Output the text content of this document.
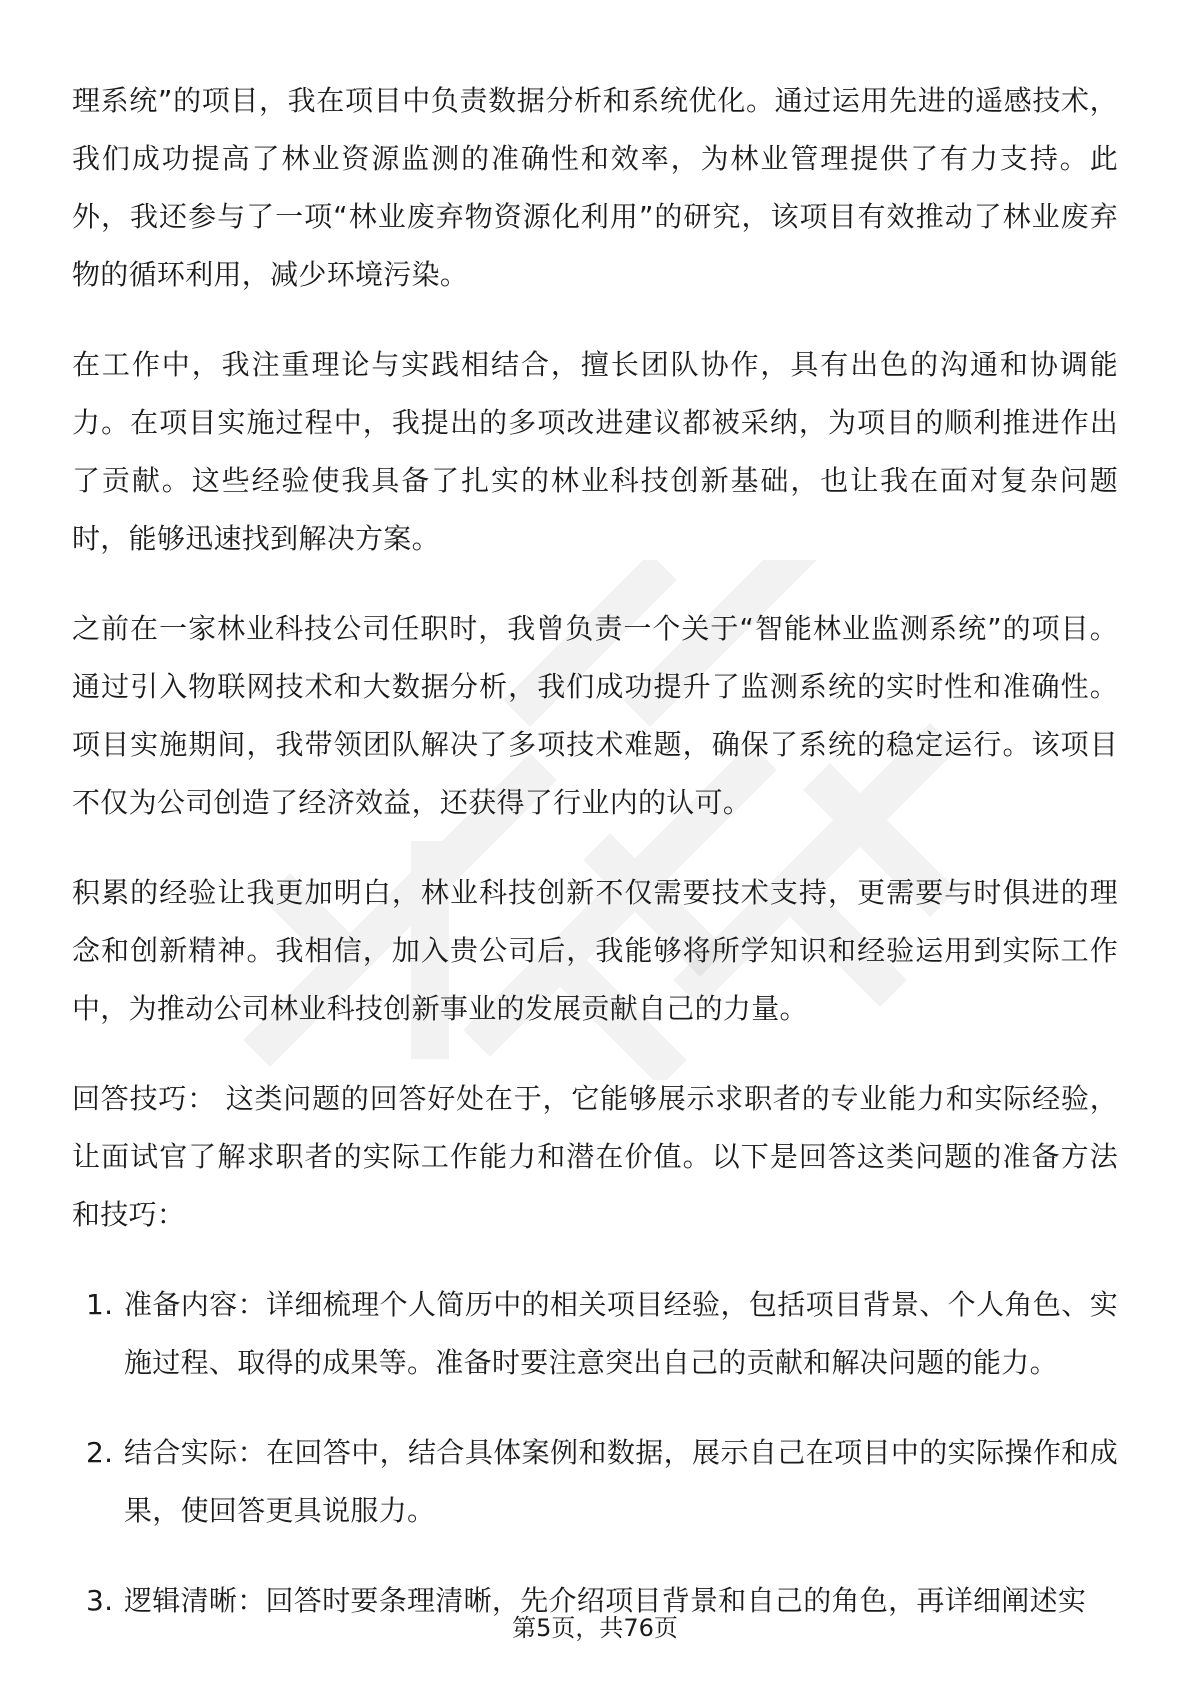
理系统”的项目，我在项目中负责数据分析和系统优化。通过运用先进的遥感技术，我们成功提高了林业资源监测的准确性和效率，为林业管理提供了有力支持。此外，我还参与了一项“林业废弃物资源化利用”的研究，该项目有效推动了林业废弃物的循环利用，减少环境污染。

在工作中，我注重理论与实践相结合，擅长团队协作，具有出色的沟通和协调能力。在项目实施过程中，我提出的多项改进建议都被采纳，为项目的顺利推进作出了贡献。这些经验使我具备了扎实的林业科技创新基础，也让我在面对复杂问题时，能够迅速找到解决方案。

之前在一家林业科技公司任职时，我曾负责一个关于“智能林业监测系统”的项目。通过引入物联网技术和大数据分析，我们成功提升了监测系统的实时性和准确性。项目实施期间，我带领团队解决了多项技术难题，确保了系统的稳定运行。该项目不仅为公司创造了经济效益，还获得了行业内的认可。

积累的经验让我更加明白，林业科技创新不仅需要技术支持，更需要与时俱进的理念和创新精神。我相信，加入贵公司后，我能够将所学知识和经验运用到实际工作中，为推动公司林业科技创新事业的发展贡献自己的力量。

回答技巧： 这类问题的回答好处在于，它能够展示求职者的专业能力和实际经验，让面试官了解求职者的实际工作能力和潜在价值。以下是回答这类问题的准备方法和技巧：

1. 准备内容：详细梳理个人简历中的相关项目经验，包括项目背景、个人角色、实施过程、取得的成果等。准备时要注意突出自己的贡献和解决问题的能力。
2. 结合实际：在回答中，结合具体案例和数据，展示自己在项目中的实际操作和成果，使回答更具说服力。
3. 逻辑清晰：回答时要条理清晰，先介绍项目背景和自己的角色，再详细阐述实
第5页，共76页
